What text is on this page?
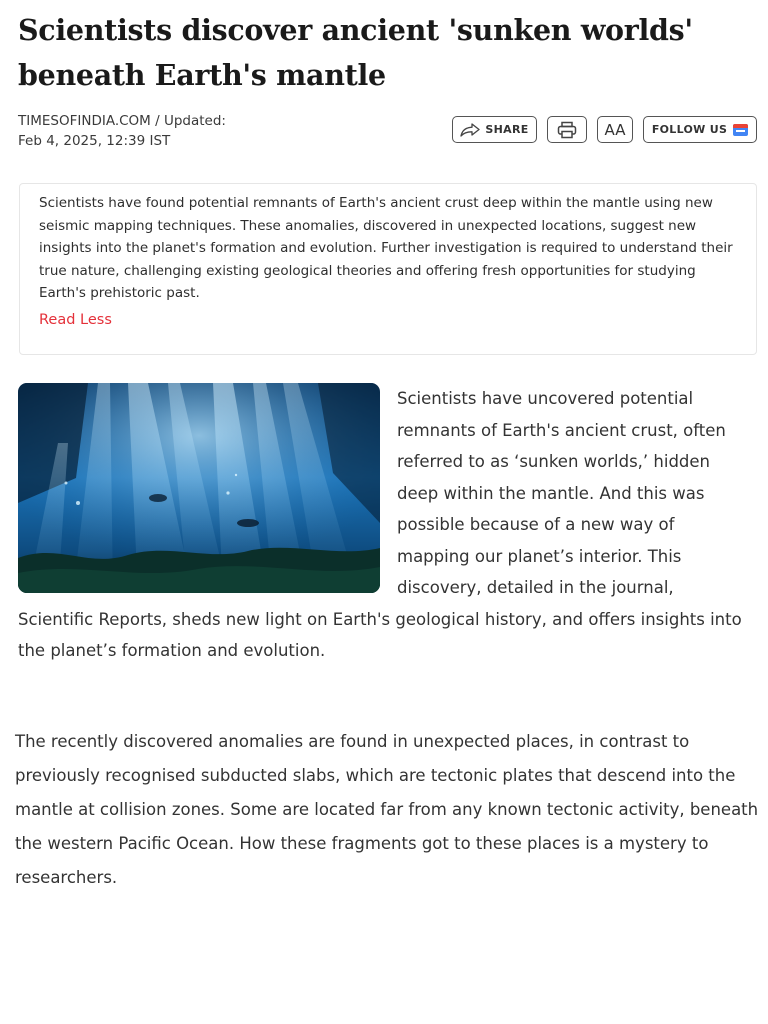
Scientists discover ancient 'sunken worlds' beneath Earth's mantle
TIMESOFINDIA.COM / Updated:
Feb 4, 2025, 12:39 IST
SHARE	AA FOLLOW US

Scientists have found potential remnants of Earth's ancient crust deep within the mantle using new seismic mapping techniques. These anomalies, discovered in unexpected locations, suggest new insights into the planet's formation and evolution. Further investigation is required to understand their true nature, challenging existing geological theories and offering fresh opportunities for studying Earth's prehistoric past.

Read Less

Scientists have uncovered potential remnants of Earth's ancient crust, often referred to as ‘sunken worlds,’ hidden deep within the mantle. And this was possible because of a new way of mapping our planet’s interior. This discovery, detailed in the journal, Scientific Reports, sheds new light on Earth's geological history, and offers insights into the planet’s formation and evolution.

The recently discovered anomalies are found in unexpected places, in contrast to previously recognised subducted slabs, which are tectonic plates that descend into the mantle at collision zones. Some are located far from any known tectonic activity, beneath the western Pacific Ocean. How these fragments got to these places is a mystery to researchers.
